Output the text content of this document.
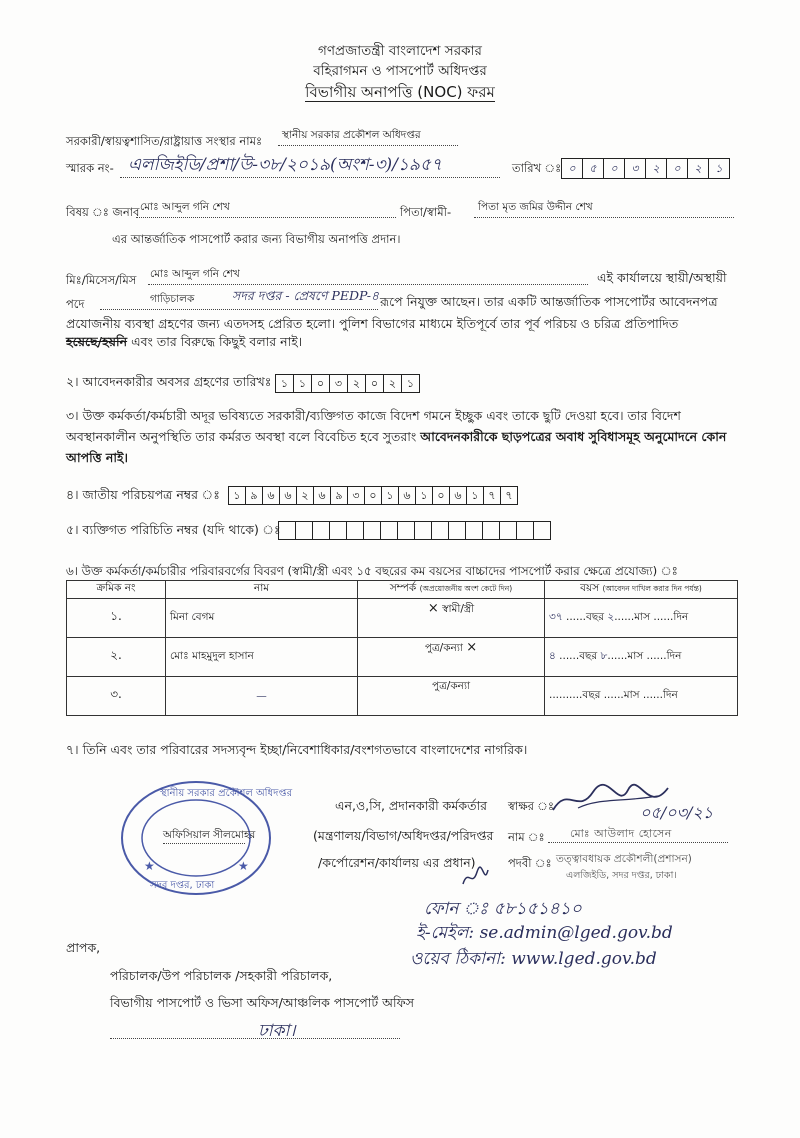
গণপ্রজাতন্ত্রী বাংলাদেশ সরকার
বহিরাগমন ও পাসপোর্ট অধিদপ্তর
বিভাগীয় অনাপত্তি (NOC) ফরম
সরকারী/স্বায়ত্বশাসিত/রাষ্ট্রায়াত্ত সংস্থার নামঃ স্থানীয় সরকার প্রকৌশল অধিদপ্তর
স্মারক নং- এলজিইডি/প্রশা/উ-৩৮/২০১৯(অংশ-৩)/১৯৫৭	তারিখ ঃ ০ ৫ ০ ৩ ২ ০ ২ ১
বিষয় ঃ জনাব মোঃ আব্দুল গনি শেখ	পিতা/স্বামী-	পিতা মৃত জমির উদ্দীন শেখ
এর আন্তর্জাতিক পাসপোর্ট করার জন্য বিভাগীয় অনাপত্তি প্রদান।
মিঃ/মিসেস/মিস মোঃ আব্দুল গনি শেখ	এই কার্যালয়ে স্থায়ী/অস্থায়ী
পদে	গাড়িচালক	সদর দপ্তর - প্রেষণে PEDP-৪ রূপে নিযুক্ত আছেন। তার একটি আন্তর্জাতিক পাসপোর্টর আবেদনপত্র
প্রযোজনীয় ব্যবস্থা গ্রহণের জন্য এতদসহ প্রেরিত হলো। পুলিশ বিভাগের মাধ্যমে ইতিপূর্বে তার পূর্ব পরিচয় ও চরিত্র প্রতিপাদিত
হয়েছে/হয়নি এবং তার বিরুদ্ধে কিছুই বলার নাই।
২। আবেদনকারীর অবসর গ্রহণের তারিখঃ ১ ১ ০ ৩ ২ ০ ২ ১
৩। উক্ত কর্মকর্তা/কর্মচারী অদূর ভবিষ্যতে সরকারী/ব্যক্তিগত কাজে বিদেশ গমনে ইচ্ছুক এবং তাকে ছুটি দেওয়া হবে। তার বিদেশ অবস্থানকালীন অনুপস্থিতি তার কর্মরত অবস্থা বলে বিবেচিত হবে সুতরাং আবেদনকারীকে ছাড়পত্রের অবাধ সুবিধাসমূহ অনুমোদনে কোন আপত্তি নাই।
৪। জাতীয় পরিচয়পত্র নম্বর ঃ	১ ৯ ৬ ৬ ২ ৬ ৯ ৩ ০ ১ ৬ ১ ০ ৬ ১ ৭ ৭
৫। ব্যক্তিগত পরিচিতি নম্বর (যদি থাকে) ঃ
৬। উক্ত কর্মকর্তা/কর্মচারীর পরিবারবর্গের বিবরণ (স্বামী/স্ত্রী এবং ১৫ বছরের কম বয়সের বাচ্চাদের পাসপোর্ট করার ক্ষেত্রে প্রযোজ্য) ঃ
ক্রমিক নং	নাম	সম্পর্ক (অপ্রয়োজনীয় অংশ কেটে দিন)	বয়স (আবেদন দাখিল করার দিন পর্যন্ত)
১.	মিনা বেগম	× স্বামী/স্ত্রী	৩৭ ......বছর ২......মাস ......দিন
২.	মোঃ মাহমুদুল হাসান	পুত্র/কন্যা ×	৪ ......বছর ৮......মাস ......দিন
৩.	—	পুত্র/কন্যা	..........বছর ......মাস ......দিন
৭। তিনি এবং তার পরিবারের সদস্যবৃন্দ ইচ্ছা/নিবেশাধিকার/বংশগতভাবে বাংলাদেশের নাগরিক।
★	★
স্থানীয় সরকার প্রকৌশল অধিদপ্তর
অফিসিয়াল সীলমোহর
সদর দপ্তর, ঢাকা
এন,ও,সি, প্রদানকারী কর্মকর্তার
(মন্ত্রণালয়/বিভাগ/অধিদপ্তর/পরিদপ্তর
/কর্পোরেশন/কার্যালয় এর প্রধান)
স্বাক্ষর ঃ	০৫/০৩/২১
নাম ঃ মোঃ আউলাদ হোসেন
পদবী ঃ তত্ত্বাবধায়ক প্রকৌশলী(প্রশাসন)
এলজিইডি, সদর দপ্তর, ঢাকা।
ফোন ঃ ৫৮১৫১৪১০
ই-মেইল: se.admin@lged.gov.bd
ওয়েব ঠিকানা: www.lged.gov.bd
প্রাপক,
পরিচালক/উপ পরিচালক /সহকারী পরিচালক,
বিভাগীয় পাসপোর্ট ও ভিসা অফিস/আঞ্চলিক পাসপোর্ট অফিস
ঢাকা।
